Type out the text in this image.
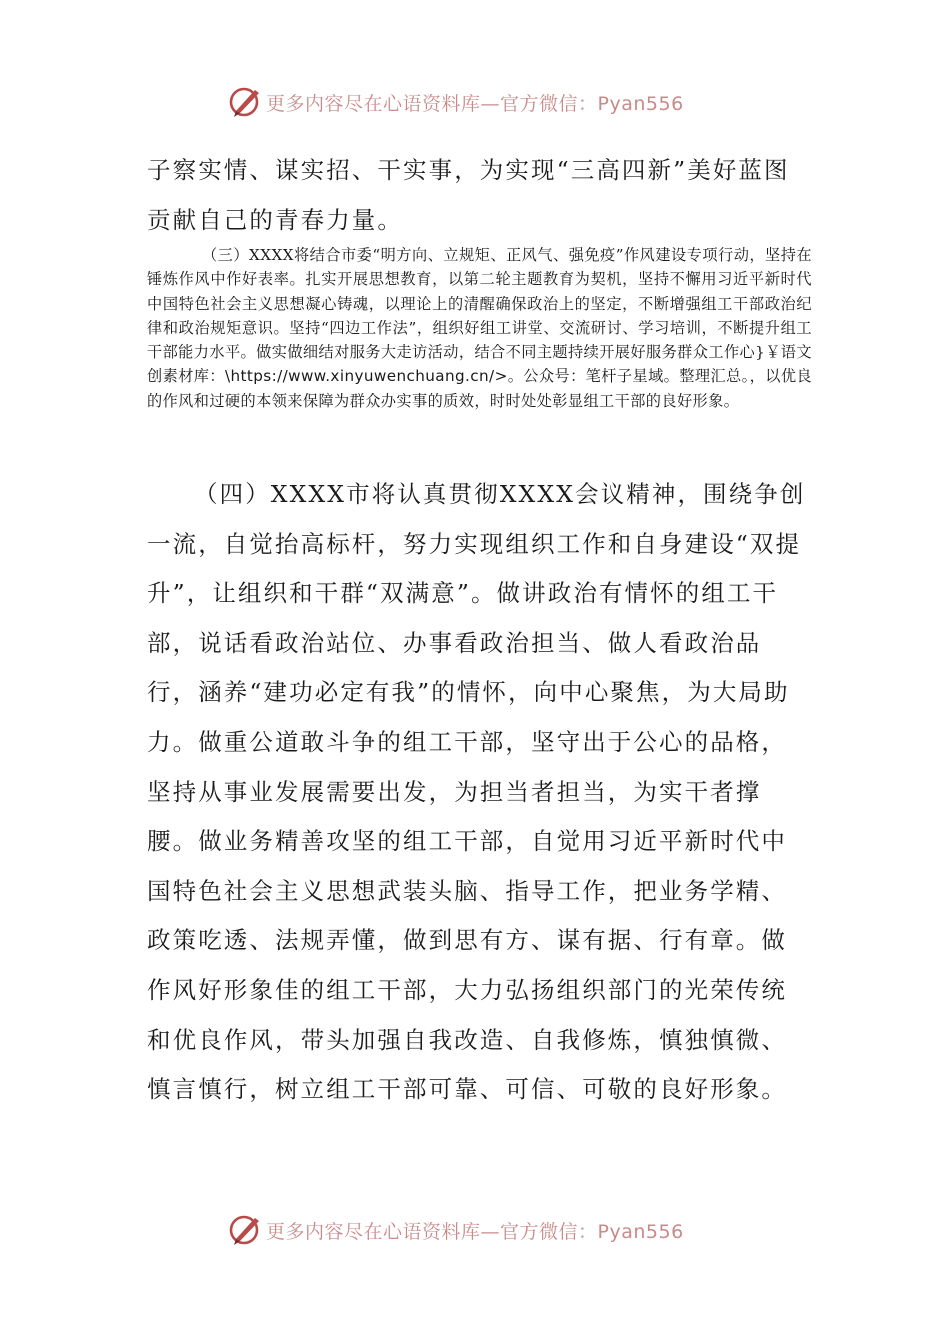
更多内容尽在心语资料库—官方微信：Pyan556

子察实情、谋实招、干实事，为实现“三高四新”美好蓝图贡献自己的青春力量。

（三）XXXX将结合市委“明方向、立规矩、正风气、强免疫”作风建设专项行动，坚持在锤炼作风中作好表率。扎实开展思想教育，以第二轮主题教育为契机，坚持不懈用习近平新时代中国特色社会主义思想凝心铸魂，以理论上的清醒确保政治上的坚定，不断增强组工干部政治纪律和政治规矩意识。坚持“四边工作法”，组织好组工讲堂、交流研讨、学习培训，不断提升组工干部能力水平。做实做细结对服务大走访活动，结合不同主题持续开展好服务群众工作心}￥语文创素材库：\https://www.xinyuwenchuang.cn/>。公众号：笔杆子星域。整理汇总。，以优良的作风和过硬的本领来保障为群众办实事的质效，时时处处彰显组工干部的良好形象。

（四）XXXX市将认真贯彻XXXX会议精神，围绕争创一流，自觉抬高标杆，努力实现组织工作和自身建设“双提升”，让组织和干群“双满意”。做讲政治有情怀的组工干部，说话看政治站位、办事看政治担当、做人看政治品行，涵养“建功必定有我”的情怀，向中心聚焦，为大局助力。做重公道敢斗争的组工干部，坚守出于公心的品格，坚持从事业发展需要出发，为担当者担当，为实干者撑腰。做业务精善攻坚的组工干部，自觉用习近平新时代中国特色社会主义思想武装头脑、指导工作，把业务学精、政策吃透、法规弄懂，做到思有方、谋有据、行有章。做作风好形象佳的组工干部，大力弘扬组织部门的光荣传统和优良作风，带头加强自我改造、自我修炼，慎独慎微、慎言慎行，树立组工干部可靠、可信、可敬的良好形象。

更多内容尽在心语资料库—官方微信：Pyan556
